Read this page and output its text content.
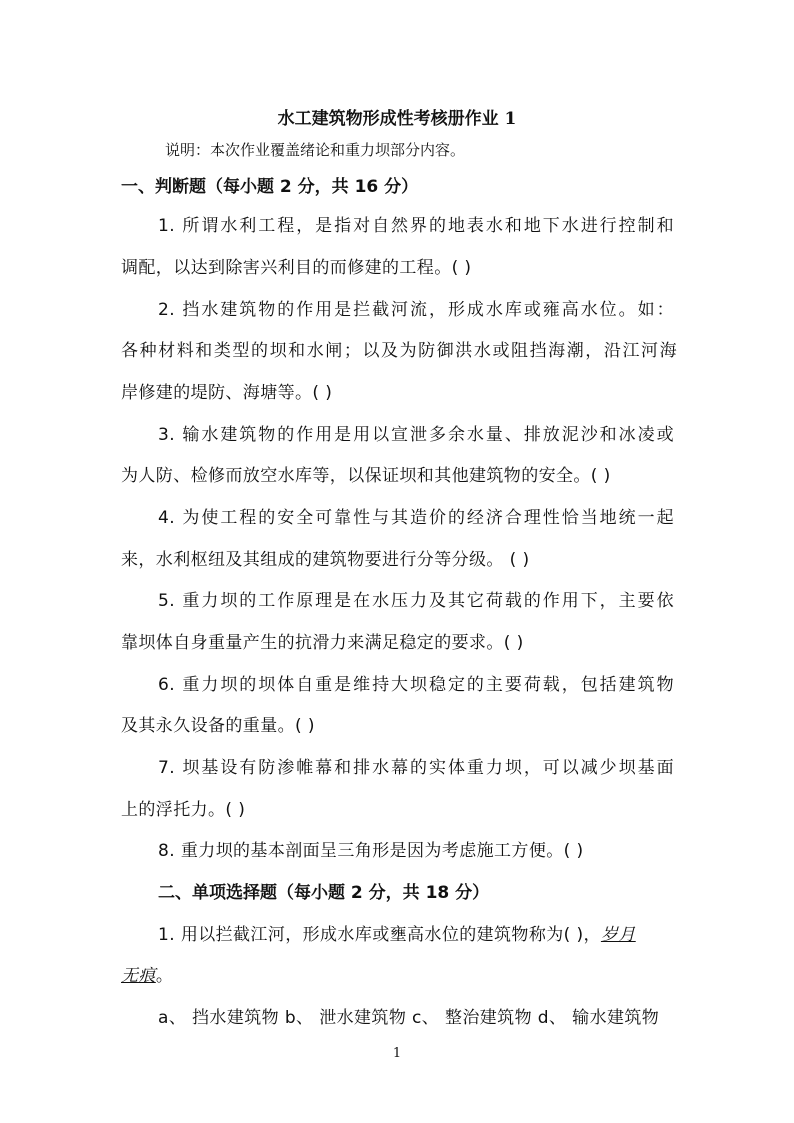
水工建筑物形成性考核册作业 1
说明：本次作业覆盖绪论和重力坝部分内容。
一、判断题（每小题 2 分，共 16 分）
1. 所谓水利工程，是指对自然界的地表水和地下水进行控制和
调配，以达到除害兴利目的而修建的工程。( )
2. 挡水建筑物的作用是拦截河流，形成水库或雍高水位。如：
各种材料和类型的坝和水闸；以及为防御洪水或阻挡海潮，沿江河海
岸修建的堤防、海塘等。( )
3. 输水建筑物的作用是用以宣泄多余水量、排放泥沙和冰凌或
为人防、检修而放空水库等，以保证坝和其他建筑物的安全。( )
4. 为使工程的安全可靠性与其造价的经济合理性恰当地统一起
来，水利枢纽及其组成的建筑物要进行分等分级。 ( )
5. 重力坝的工作原理是在水压力及其它荷载的作用下，主要依
靠坝体自身重量产生的抗滑力来满足稳定的要求。( )
6. 重力坝的坝体自重是维持大坝稳定的主要荷载，包括建筑物
及其永久设备的重量。( )
7. 坝基设有防渗帷幕和排水幕的实体重力坝，可以减少坝基面
上的浮托力。( )
8. 重力坝的基本剖面呈三角形是因为考虑施工方便。( )
二、单项选择题（每小题 2 分，共 18 分）
1. 用以拦截江河，形成水库或壅高水位的建筑物称为( )，岁月
无痕。
a、 挡水建筑物 b、 泄水建筑物 c、 整治建筑物 d、 输水建筑物
1
